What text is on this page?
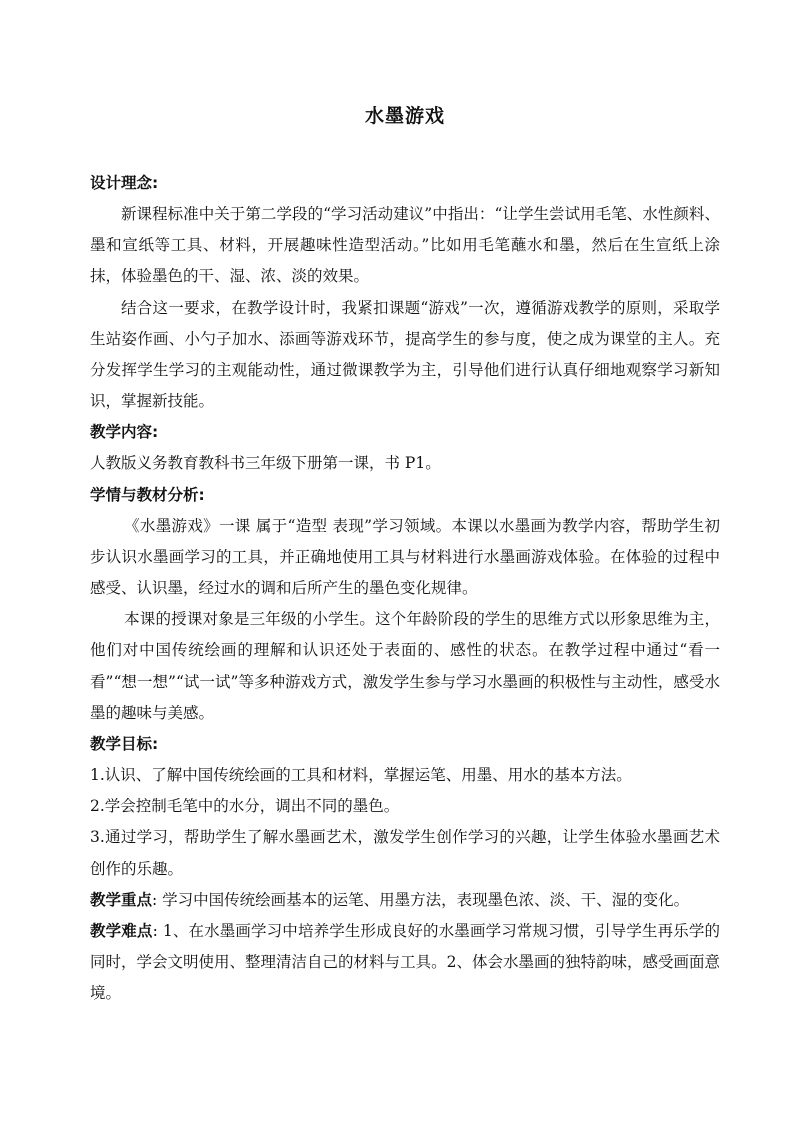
水墨游戏

设计理念:

新课程标准中关于第二学段的“学习活动建议”中指出：“让学生尝试用毛笔、水性颜料、墨和宣纸等工具、材料，开展趣味性造型活动。”比如用毛笔蘸水和墨，然后在生宣纸上涂抹，体验墨色的干、湿、浓、淡的效果。

结合这一要求，在教学设计时，我紧扣课题“游戏”一次，遵循游戏教学的原则，采取学生站姿作画、小勺子加水、添画等游戏环节，提高学生的参与度，使之成为课堂的主人。充分发挥学生学习的主观能动性，通过微课教学为主，引导他们进行认真仔细地观察学习新知识，掌握新技能。

教学内容:

人教版义务教育教科书三年级下册第一课，书 P1。

学情与教材分析:

《水墨游戏》一课 属于“造型 表现”学习领域。本课以水墨画为教学内容，帮助学生初步认识水墨画学习的工具，并正确地使用工具与材料进行水墨画游戏体验。在体验的过程中感受、认识墨，经过水的调和后所产生的墨色变化规律。

本课的授课对象是三年级的小学生。这个年龄阶段的学生的思维方式以形象思维为主，他们对中国传统绘画的理解和认识还处于表面的、感性的状态。在教学过程中通过“看一看”“想一想”“试一试”等多种游戏方式，激发学生参与学习水墨画的积极性与主动性，感受水墨的趣味与美感。

教学目标:

1.认识、了解中国传统绘画的工具和材料，掌握运笔、用墨、用水的基本方法。

2.学会控制毛笔中的水分，调出不同的墨色。

3.通过学习，帮助学生了解水墨画艺术，激发学生创作学习的兴趣，让学生体验水墨画艺术创作的乐趣。

教学重点: 学习中国传统绘画基本的运笔、用墨方法，表现墨色浓、淡、干、湿的变化。

教学难点: 1、在水墨画学习中培养学生形成良好的水墨画学习常规习惯，引导学生再乐学的同时，学会文明使用、整理清洁自己的材料与工具。2、体会水墨画的独特韵味，感受画面意境。
